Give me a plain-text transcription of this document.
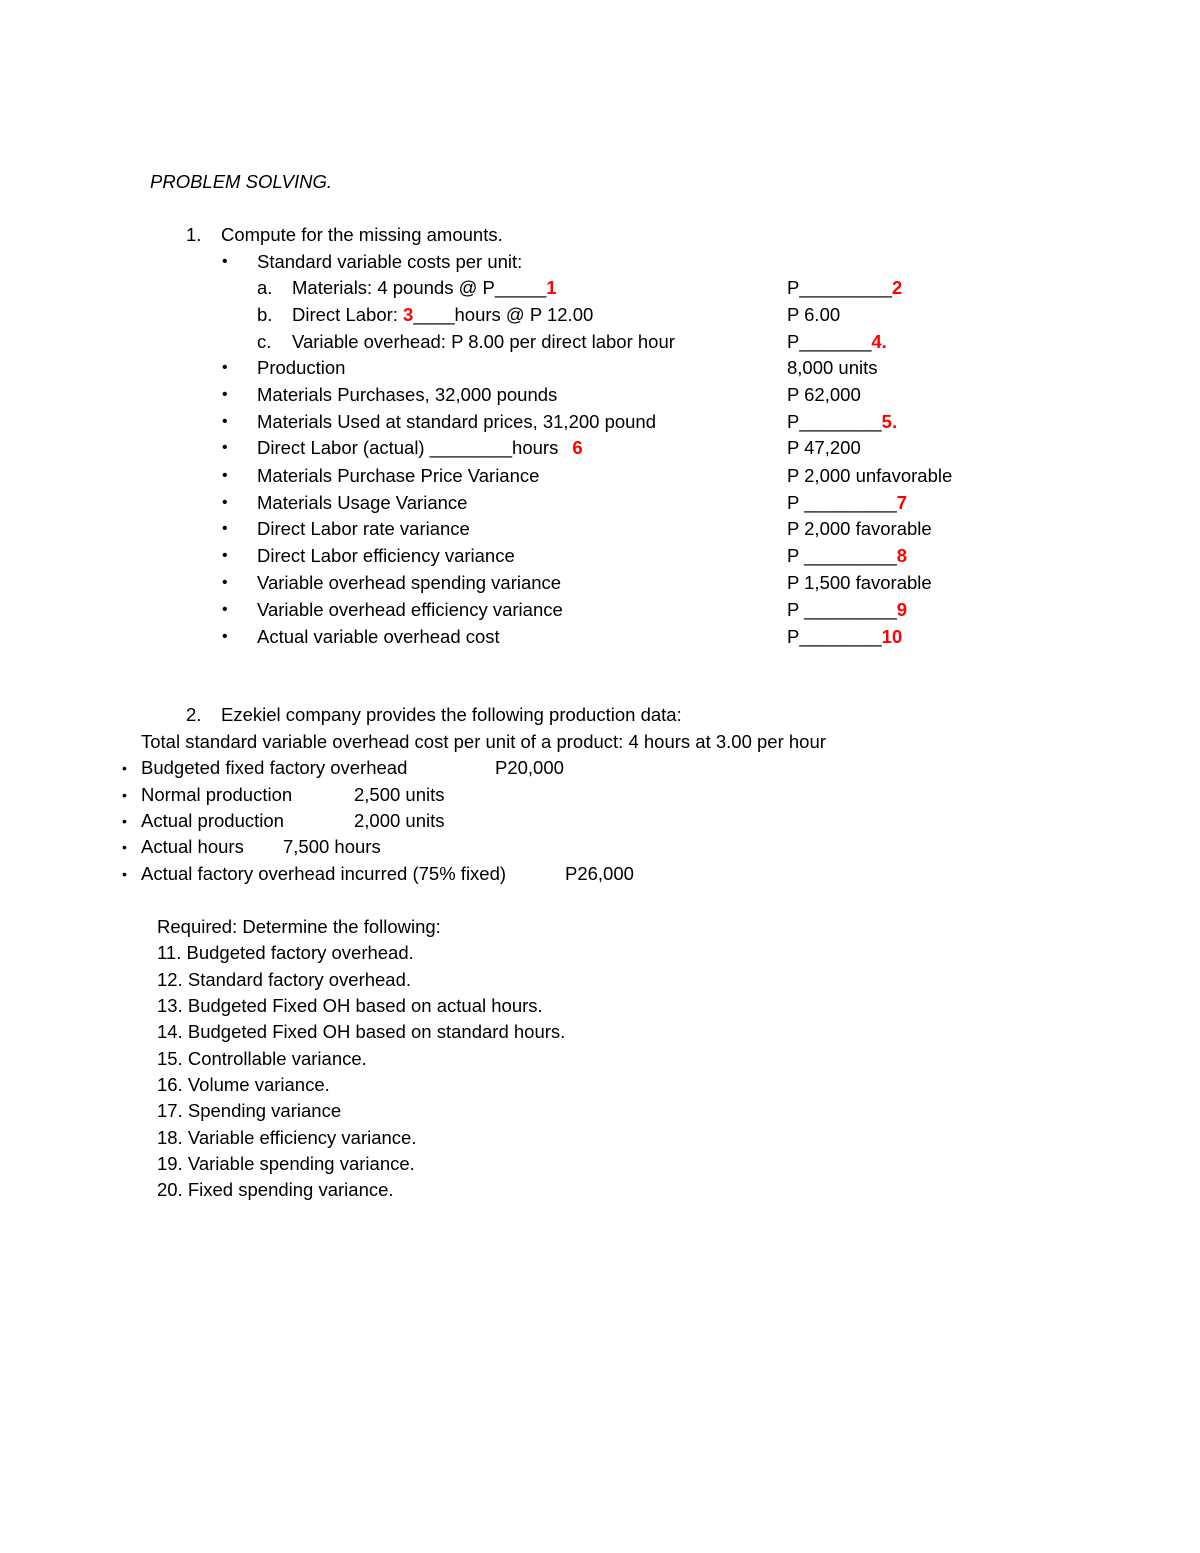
PROBLEM SOLVING.
1. Compute for the missing amounts.
• Standard variable costs per unit:
a. Materials: 4 pounds @ P_____1	P_________2
b. Direct Labor: 3____hours @ P 12.00	P 6.00
c. Variable overhead: P 8.00 per direct labor hour	P_______4.
• Production	8,000 units
• Materials Purchases, 32,000 pounds	P 62,000
• Materials Used at standard prices, 31,200 pound	P________5.
• Direct Labor (actual) ________hours 6	P 47,200
• Materials Purchase Price Variance	P 2,000 unfavorable
• Materials Usage Variance	P _________7
• Direct Labor rate variance	P 2,000 favorable
• Direct Labor efficiency variance	P _________8
• Variable overhead spending variance	P 1,500 favorable
• Variable overhead efficiency variance	P _________9
• Actual variable overhead cost	P________10
2. Ezekiel company provides the following production data:
Total standard variable overhead cost per unit of a product: 4 hours at 3.00 per hour
• Budgeted fixed factory overhead	P20,000
• Normal production	2,500 units
• Actual production	2,000 units
• Actual hours 7,500 hours
• Actual factory overhead incurred (75% fixed)	P26,000
Required: Determine the following:
11. Budgeted factory overhead.
12. Standard factory overhead.
13. Budgeted Fixed OH based on actual hours.
14. Budgeted Fixed OH based on standard hours.
15. Controllable variance.
16. Volume variance.
17. Spending variance
18. Variable efficiency variance.
19. Variable spending variance.
20. Fixed spending variance.
